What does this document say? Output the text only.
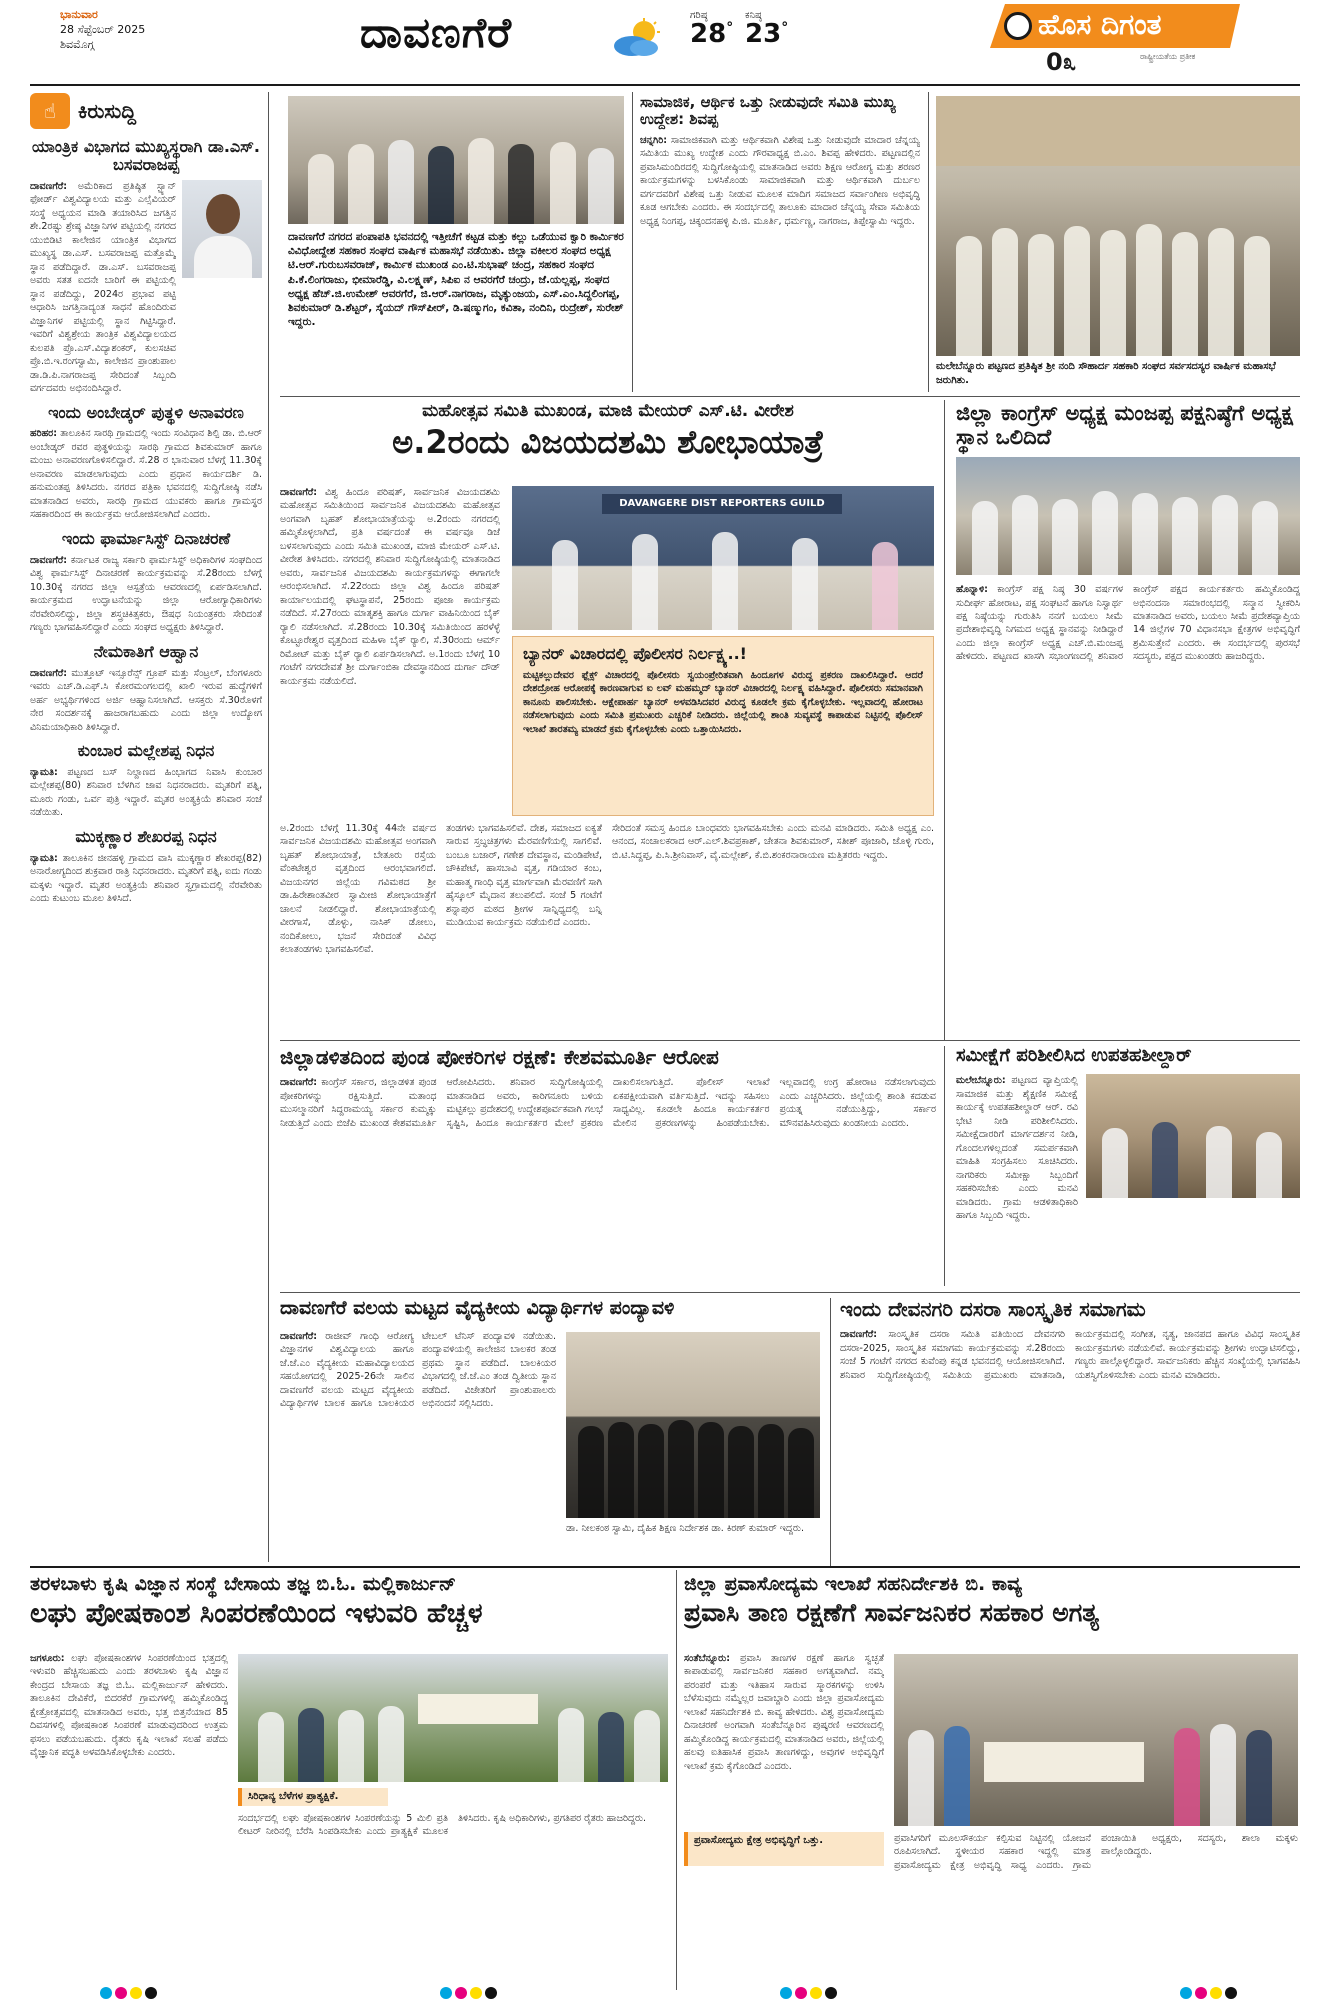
ಭಾನುವಾರ
28 ಸೆಪ್ಟೆಂಬರ್ 2025
ಶಿವಮೊಗ್ಗ	ದಾವಣಗೆರೆ	ಗರಿಷ್ಠ
28°
ಕನಿಷ್ಠ
23°	ಹೊಸ ದಿಗಂತ
ರಾಷ್ಟ್ರೀಯತೆಯ ಪ್ರತೀಕ
0೩
☝	ಕಿರುಸುದ್ದಿ
ಯಾಂತ್ರಿಕ ವಿಭಾಗದ ಮುಖ್ಯಸ್ಥರಾಗಿ ಡಾ.ಎಸ್. ಬಸವರಾಜಪ್ಪ
ದಾವಣಗೆರೆ: ಅಮೆರಿಕಾದ ಪ್ರತಿಷ್ಠಿತ ಸ್ಟ್ಯಾನ್ ಫೋರ್ಡ್ ವಿಶ್ವವಿದ್ಯಾಲಯ ಮತ್ತು ಎಲ್ಸೆವಿಯರ್ ಸಂಸ್ಥೆ ಅಧ್ಯಯನ ಮಾಡಿ ತಯಾರಿಸಿದ ಜಗತ್ತಿನ ಶೇ.2ರಷ್ಟು ಶ್ರೇಷ್ಠ ವಿಜ್ಞಾನಿಗಳ ಪಟ್ಟಿಯಲ್ಲಿ ನಗರದ ಯುಬಿಡಿಟಿ ಕಾಲೇಜಿನ ಯಾಂತ್ರಿಕ ವಿಭಾಗದ ಮುಖ್ಯಸ್ಥ ಡಾ.ಎಸ್. ಬಸವರಾಜಪ್ಪ ಮತ್ತೊಮ್ಮೆ ಸ್ಥಾನ ಪಡೆದಿದ್ದಾರೆ. ಡಾ.ಎಸ್. ಬಸವರಾಜಪ್ಪ ಅವರು ಸತತ ಐದನೇ ಬಾರಿಗೆ ಈ ಪಟ್ಟಿಯಲ್ಲಿ ಸ್ಥಾನ ಪಡೆದಿದ್ದು, 2024ರ ಪ್ರಭಾವ ಪಟ್ಟಿ ಆಧಾರಿಸಿ ಜಗತ್ತಿನಾದ್ಯಂತ ಸಾಧನೆ ಹೊಂದಿರುವ ವಿಜ್ಞಾನಿಗಳ ಪಟ್ಟಿಯಲ್ಲಿ ಸ್ಥಾನ ಗಿಟ್ಟಿಸಿದ್ದಾರೆ. ಇವರಿಗೆ ವಿಶ್ವಶ್ರೇಯ ತಾಂತ್ರಿಕ ವಿಶ್ವವಿದ್ಯಾಲಯದ ಕುಲಪತಿ ಪ್ರೊ.ಎಸ್.ವಿದ್ಯಾಶಂಕರ್, ಕುಲಸಚಿವ ಪ್ರೊ.ಬಿ.ಇ.ರಂಗಸ್ವಾಮಿ, ಕಾಲೇಜಿನ ಪ್ರಾಂಶುಪಾಲ ಡಾ.ಡಿ.ಪಿ.ನಾಗರಾಜಪ್ಪ ಸೇರಿದಂತೆ ಸಿಬ್ಬಂದಿ ವರ್ಗದವರು ಅಭಿನಂದಿಸಿದ್ದಾರೆ.
ಇಂದು ಅಂಬೇಡ್ಕರ್ ಪುತ್ಥಳಿ ಅನಾವರಣ
ಹರಿಹರ: ತಾಲೂಕಿನ ಸಾರಥಿ ಗ್ರಾಮದಲ್ಲಿ ಇಂದು ಸಂವಿಧಾನ ಶಿಲ್ಪಿ ಡಾ. ಬಿ.ಆರ್ ಅಂಬೇಡ್ಕರ್ ರವರ ಪುತ್ಥಳಿಯನ್ನು ಸಾರಥಿ ಗ್ರಾಮದ ಶಿವಕುಮಾರ್ ಹಾಗೂ ಮಂಜು ಅನಾವರಣಗೊಳಿಸಲಿದ್ದಾರೆ. ಸೆ.28 ರ ಭಾನುವಾರ ಬೆಳಗ್ಗೆ 11.30ಕ್ಕೆ ಅನಾವರಣ ಮಾಡಲಾಗುವುದು ಎಂದು ಪ್ರಧಾನ ಕಾರ್ಯದರ್ಶಿ ಡಿ. ಹನುಮಂತಪ್ಪ ತಿಳಿಸಿದರು. ನಗರದ ಪತ್ರಿಕಾ ಭವನದಲ್ಲಿ ಸುದ್ದಿಗೋಷ್ಠಿ ನಡೆಸಿ ಮಾತನಾಡಿದ ಅವರು, ಸಾರಥಿ ಗ್ರಾಮದ ಯುವಕರು ಹಾಗೂ ಗ್ರಾಮಸ್ಥರ ಸಹಕಾರದಿಂದ ಈ ಕಾರ್ಯಕ್ರಮ ಆಯೋಜಿಸಲಾಗಿದೆ ಎಂದರು.
ಇಂದು ಫಾರ್ಮಾಸಿಸ್ಟ್ ದಿನಾಚರಣೆ
ದಾವಣಗೆರೆ: ಕರ್ನಾಟಕ ರಾಜ್ಯ ಸರ್ಕಾರಿ ಫಾರ್ಮಸಿಸ್ಟ್ ಅಧಿಕಾರಿಗಳ ಸಂಘದಿಂದ ವಿಶ್ವ ಫಾರ್ಮಸಿಸ್ಟ್ ದಿನಾಚರಣೆ ಕಾರ್ಯಕ್ರಮವನ್ನು ಸೆ.28ರಂದು ಬೆಳಗ್ಗೆ 10.30ಕ್ಕೆ ನಗರದ ಜಿಲ್ಲಾ ಆಸ್ಪತ್ರೆಯ ಆವರಣದಲ್ಲಿ ಏರ್ಪಡಿಸಲಾಗಿದೆ. ಕಾರ್ಯಕ್ರಮದ ಉದ್ಘಾಟನೆಯನ್ನು ಜಿಲ್ಲಾ ಆರೋಗ್ಯಾಧಿಕಾರಿಗಳು ನೆರವೇರಿಸಲಿದ್ದು, ಜಿಲ್ಲಾ ಶಸ್ತ್ರಚಿಕಿತ್ಸಕರು, ಔಷಧ ನಿಯಂತ್ರಕರು ಸೇರಿದಂತೆ ಗಣ್ಯರು ಭಾಗವಹಿಸಲಿದ್ದಾರೆ ಎಂದು ಸಂಘದ ಅಧ್ಯಕ್ಷರು ತಿಳಿಸಿದ್ದಾರೆ.
ನೇಮಕಾತಿಗೆ ಆಹ್ವಾನ
ದಾವಣಗೆರೆ: ಮುತ್ತೂಟ್ ಇನ್ಸೂರೆನ್ಸ್ ಗ್ರೂಪ್ ಮತ್ತು ಸೆಂಟ್ರಲ್, ಬೆಂಗಳೂರು ಇವರು ಎಚ್.ಡಿ.ಎಫ್.ಸಿ ಕೋರಮಂಗಲದಲ್ಲಿ ಖಾಲಿ ಇರುವ ಹುದ್ದೆಗಳಿಗೆ ಅರ್ಹ ಅಭ್ಯರ್ಥಿಗಳಿಂದ ಅರ್ಜಿ ಆಹ್ವಾನಿಸಲಾಗಿದೆ. ಆಸಕ್ತರು ಸೆ.30ರೊಳಗೆ ನೇರ ಸಂದರ್ಶನಕ್ಕೆ ಹಾಜರಾಗಬಹುದು ಎಂದು ಜಿಲ್ಲಾ ಉದ್ಯೋಗ ವಿನಿಮಯಾಧಿಕಾರಿ ತಿಳಿಸಿದ್ದಾರೆ.
ಕುಂಬಾರ ಮಲ್ಲೇಶಪ್ಪ ನಿಧನ
ನ್ಯಾಮತಿ: ಪಟ್ಟಣದ ಬಸ್ ನಿಲ್ದಾಣದ ಹಿಂಭಾಗದ ನಿವಾಸಿ ಕುಂಬಾರ ಮಲ್ಲೇಶಪ್ಪ(80) ಶನಿವಾರ ಬೆಳಗಿನ ಜಾವ ನಿಧನರಾದರು. ಮೃತರಿಗೆ ಪತ್ನಿ, ಮೂರು ಗಂಡು, ಒರ್ವ ಪುತ್ರಿ ಇದ್ದಾರೆ. ಮೃತರ ಅಂತ್ಯಕ್ರಿಯೆ ಶನಿವಾರ ಸಂಜೆ ನಡೆಯಿತು.
ಮುಕ್ಕಣ್ಣಾರ ಶೇಖರಪ್ಪ ನಿಧನ
ನ್ಯಾಮತಿ: ತಾಲೂಕಿನ ಜೀನಹಳ್ಳಿ ಗ್ರಾಮದ ವಾಸಿ ಮುಕ್ಕಣ್ಣಾರ ಶೇಖರಪ್ಪ(82) ಅನಾರೋಗ್ಯದಿಂದ ಶುಕ್ರವಾರ ರಾತ್ರಿ ನಿಧನರಾದರು. ಮೃತರಿಗೆ ಪತ್ನಿ, ಐದು ಗಂಡು ಮಕ್ಕಳು ಇದ್ದಾರೆ. ಮೃತರ ಅಂತ್ಯಕ್ರಿಯೆ ಶನಿವಾರ ಸ್ವಗ್ರಾಮದಲ್ಲಿ ನೆರವೇರಿತು ಎಂದು ಕುಟುಂಬ ಮೂಲ ತಿಳಿಸಿದೆ.
ದಾವಣಗೆರೆ ನಗರದ ಪಂಪಾಪತಿ ಭವನದಲ್ಲಿ ಇತ್ತೀಚೆಗೆ ಕಟ್ಟಡ ಮತ್ತು ಕಲ್ಲು ಒಡೆಯುವ ಕ್ವಾರಿ ಕಾರ್ಮಿಕರ ವಿವಿಧೋದ್ದೇಶ ಸಹಕಾರ ಸಂಘದ ವಾರ್ಷಿಕ ಮಹಾಸಭೆ ನಡೆಯಿತು. ಜಿಲ್ಲಾ ವಕೀಲರ ಸಂಘದ ಅಧ್ಯಕ್ಷ ಟಿ.ಆರ್.ಗುರುಬಸವರಾಜ್, ಕಾರ್ಮಿಕ ಮುಖಂಡ ಎಂ.ಟಿ.ಸುಭಾಷ್ ಚಂದ್ರ, ಸಹಕಾರ ಸಂಘದ ಪಿ.ಕೆ.ಲಿಂಗರಾಜು, ಭೀಮಾರೆಡ್ಡಿ, ವಿ.ಲಕ್ಷ್ಮಣ್, ಸಿಪಿಐ ನ ಆವರಗೆರೆ ಚಂದ್ರು, ಜೆ.ಯಲ್ಲಪ್ಪ, ಸಂಘದ ಅಧ್ಯಕ್ಷ ಹೆಚ್.ಜಿ.ಉಮೇಶ್ ಆವರಗೆರೆ, ಜಿ.ಆರ್.ನಾಗರಾಜ, ಮೃತ್ಯುಂಜಯ, ಎಸ್.ಎಂ.ಸಿದ್ದಲಿಂಗಪ್ಪ, ಶಿವಕುಮಾರ್ ಡಿ.ಶೆಟ್ಟರ್, ಸೈಯದ್ ಗೌಸ್‌ಪೀರ್, ಡಿ.ಷಣ್ಮುಗಂ, ಕವಿತಾ, ನಂದಿನಿ, ರುದ್ರೇಶ್, ಸುರೇಶ್ ಇದ್ದರು.
ಸಾಮಾಜಿಕ, ಆರ್ಥಿಕ ಒತ್ತು ನೀಡುವುದೇ ಸಮಿತಿ ಮುಖ್ಯ ಉದ್ದೇಶ: ಶಿವಪ್ಪ
ಚನ್ನಗಿರಿ: ಸಾಮಾಜಿಕವಾಗಿ ಮತ್ತು ಆರ್ಥಿಕವಾಗಿ ವಿಶೇಷ ಒತ್ತು ನೀಡುವುದೇ ಮಾದಾರ ಚೆನ್ನಯ್ಯ ಸಮಿತಿಯ ಮುಖ್ಯ ಉದ್ದೇಶ ಎಂದು ಗೌರವಾಧ್ಯಕ್ಷ ಬಿ.ಎಂ. ಶಿವಪ್ಪ ಹೇಳಿದರು. ಪಟ್ಟಣದಲ್ಲಿನ ಪ್ರವಾಸಿಮಂದಿರದಲ್ಲಿ ಸುದ್ದಿಗೋಷ್ಠಿಯಲ್ಲಿ ಮಾತನಾಡಿದ ಅವರು ಶಿಕ್ಷಣ ಆರೋಗ್ಯ ಮತ್ತು ಶರಣರ ಕಾರ್ಯಕ್ರಮಗಳನ್ನು ಬಳಸಿಕೊಂಡು ಸಾಮಾಜಿಕವಾಗಿ ಮತ್ತು ಆರ್ಥಿಕವಾಗಿ ದುರ್ಬಲ ವರ್ಗದವರಿಗೆ ವಿಶೇಷ ಒತ್ತು ನೀಡುವ ಮೂಲಕ ಮಾದಿಗ ಸಮಾಜದ ಸರ್ವಾಂಗೀಣ ಅಭಿವೃದ್ಧಿ ಕೂಡ ಆಗಬೇಕು ಎಂದರು. ಈ ಸಂದರ್ಭದಲ್ಲಿ ತಾಲೂಕು ಮಾದಾರ ಚೆನ್ನಯ್ಯ ಸೇವಾ ಸಮಿತಿಯ ಅಧ್ಯಕ್ಷ ನಿಂಗಪ್ಪ, ಚಿಕ್ಕಂದನಹಳ್ಳಿ ಪಿ.ಜಿ. ಮೂರ್ತಿ, ಧರ್ಮಣ್ಣ, ನಾಗರಾಜ, ತಿಪ್ಪೇಸ್ವಾಮಿ ಇದ್ದರು.
ಮಲೇಬೆನ್ನೂರು ಪಟ್ಟಣದ ಪ್ರತಿಷ್ಠಿತ ಶ್ರೀ ನಂದಿ ಸೌಹಾರ್ದ ಸಹಕಾರಿ ಸಂಘದ ಸರ್ವಸದಸ್ಯರ ವಾರ್ಷಿಕ ಮಹಾಸಭೆ ಜರುಗಿತು.
ಮಹೋತ್ಸವ ಸಮಿತಿ ಮುಖಂಡ, ಮಾಜಿ ಮೇಯರ್ ಎಸ್.ಟಿ. ವೀರೇಶ
ಅ.2ರಂದು ವಿಜಯದಶಮಿ ಶೋಭಾಯಾತ್ರೆ
ದಾವಣಗೆರೆ: ವಿಶ್ವ ಹಿಂದೂ ಪರಿಷತ್, ಸಾರ್ವಜನಿಕ ವಿಜಯದಶಮಿ ಮಹೋತ್ಸವ ಸಮಿತಿಯಿಂದ ಸಾರ್ವಜನಿಕ ವಿಜಯದಶಮಿ ಮಹೋತ್ಸವ ಅಂಗವಾಗಿ ಬೃಹತ್ ಶೋಭಾಯಾತ್ರೆಯನ್ನು ಅ.2ರಂದು ನಗರದಲ್ಲಿ ಹಮ್ಮಿಕೊಳ್ಳಲಾಗಿದೆ, ಪ್ರತಿ ವರ್ಷದಂತೆ ಈ ವರ್ಷವೂ ಡಿಜೆ ಬಳಸಲಾಗುವುದು ಎಂದು ಸಮಿತಿ ಮುಖಂಡ, ಮಾಜಿ ಮೇಯರ್ ಎಸ್.ಟಿ. ವೀರೇಶ ತಿಳಿಸಿದರು. ನಗರದಲ್ಲಿ ಶನಿವಾರ ಸುದ್ದಿಗೋಷ್ಠಿಯಲ್ಲಿ ಮಾತನಾಡಿದ ಅವರು, ಸಾರ್ವಜನಿಕ ವಿಜಯದಶಮಿ ಕಾರ್ಯಕ್ರಮಗಳನ್ನು ಈಗಾಗಲೇ ಆರಂಭಿಸಲಾಗಿದೆ. ಸೆ.22ರಂದು ಜಿಲ್ಲಾ ವಿಶ್ವ ಹಿಂದೂ ಪರಿಷತ್ ಕಾರ್ಯಾಲಯದಲ್ಲಿ ಘಟಸ್ಥಾಪನೆ, 25ರಂದು ಪೂಜಾ ಕಾರ್ಯಕ್ರಮ ನಡೆದಿದೆ. ಸೆ.27ರಂದು ಮಾತೃಶಕ್ತಿ ಹಾಗೂ ದುರ್ಗಾ ವಾಹಿನಿಯಿಂದ ಬೈಕ್ ರ್‍ಯಾಲಿ ನಡೆಸಲಾಗಿದೆ. ಸೆ.28ರಂದು 10.30ಕ್ಕೆ ಸಮಿತಿಯಿಂದ ಹರಳೆಳ್ಳೆ ಕೊಟ್ಟೂರೇಶ್ವರ ವೃತ್ತದಿಂದ ಮಹಿಳಾ ಬೈಕ್ ರ್‍ಯಾಲಿ, ಸೆ.30ರಂದು ಆರ್ಮ್ ರಿಮೋಟ್ ಮತ್ತು ಬೈಕ್ ರ್‍ಯಾಲಿ ಏರ್ಪಡಿಸಲಾಗಿದೆ. ಅ.1ರಂದು ಬೆಳಗ್ಗೆ 10 ಗಂಟೆಗೆ ನಗರದೇವತೆ ಶ್ರೀ ದುರ್ಗಾಂಬಿಕಾ ದೇವಸ್ಥಾನದಿಂದ ದುರ್ಗಾ ದೌಡ್ ಕಾರ್ಯಕ್ರಮ ನಡೆಯಲಿದೆ.
DAVANGERE DIST REPORTERS GUILD
ಬ್ಯಾನರ್ ವಿಚಾರದಲ್ಲಿ ಪೊಲೀಸರ ನಿರ್ಲಕ್ಷ್ಯ..!
ಮಟ್ಟಿಕಲ್ಲುದೇವರ ಫ್ಲೆಕ್ಸ್ ವಿಚಾರದಲ್ಲಿ ಪೊಲೀಸರು ಸ್ವಯಂಪ್ರೇರಿತವಾಗಿ ಹಿಂದೂಗಳ ವಿರುದ್ಧ ಪ್ರಕರಣ ದಾಖಲಿಸಿದ್ದಾರೆ. ಆದರೆ ದೇಶದ್ರೋಹ ಆರೋಪಕ್ಕೆ ಕಾರಣವಾಗುವ ಐ ಲವ್ ಮಹಮ್ಮದ್ ಬ್ಯಾನರ್ ವಿಚಾರದಲ್ಲಿ ನಿರ್ಲಕ್ಷ್ಯ ವಹಿಸಿದ್ದಾರೆ. ಪೊಲೀಸರು ಸಮಾನವಾಗಿ ಕಾನೂನು ಪಾಲಿಸಬೇಕು. ಆಕ್ಷೇಪಾರ್ಹ ಬ್ಯಾನರ್ ಅಳವಡಿಸಿದವರ ವಿರುದ್ಧ ಕೂಡಲೇ ಕ್ರಮ ಕೈಗೊಳ್ಳಬೇಕು. ಇಲ್ಲವಾದಲ್ಲಿ ಹೋರಾಟ ನಡೆಸಲಾಗುವುದು ಎಂದು ಸಮಿತಿ ಪ್ರಮುಖರು ಎಚ್ಚರಿಕೆ ನೀಡಿದರು. ಜಿಲ್ಲೆಯಲ್ಲಿ ಶಾಂತಿ ಸುವ್ಯವಸ್ಥೆ ಕಾಪಾಡುವ ನಿಟ್ಟಿನಲ್ಲಿ ಪೊಲೀಸ್ ಇಲಾಖೆ ತಾರತಮ್ಯ ಮಾಡದೆ ಕ್ರಮ ಕೈಗೊಳ್ಳಬೇಕು ಎಂದು ಒತ್ತಾಯಿಸಿದರು.
ಅ.2ರಂದು ಬೆಳಗ್ಗೆ 11.30ಕ್ಕೆ 44ನೇ ವರ್ಷದ ಸಾರ್ವಜನಿಕ ವಿಜಯದಶಮಿ ಮಹೋತ್ಸವ ಅಂಗವಾಗಿ ಬೃಹತ್ ಶೋಭಾಯಾತ್ರೆ, ಬೇತೂರು ರಸ್ತೆಯ ವೆಂಕಟೇಶ್ವರ ವೃತ್ತದಿಂದ ಆರಂಭವಾಗಲಿದೆ. ವಿಜಯನಗರ ಜಿಲ್ಲೆಯ ಗವಿಮಠದ ಶ್ರೀ ಡಾ.ಹಿರೇಶಾಂತವೀರ ಸ್ವಾಮೀಜಿ ಶೋಭಾಯಾತ್ರೆಗೆ ಚಾಲನೆ ನೀಡಲಿದ್ದಾರೆ. ಶೋಭಾಯಾತ್ರೆಯಲ್ಲಿ ವೀರಗಾಸೆ, ಡೊಳ್ಳು, ನಾಸಿಕ್ ಡೋಲು, ನಂದಿಕೋಲು, ಭಜನೆ ಸೇರಿದಂತೆ ವಿವಿಧ ಕಲಾತಂಡಗಳು ಭಾಗವಹಿಸಲಿವೆ.
ತಂಡಗಳು ಭಾಗವಹಿಸಲಿವೆ. ದೇಶ, ಸಮಾಜದ ಐಕ್ಯತೆ ಸಾರುವ ಸ್ತಬ್ಧಚಿತ್ರಗಳು ಮೆರವಣಿಗೆಯಲ್ಲಿ ಸಾಗಲಿವೆ. ಬಂಬೂ ಬಜಾರ್, ಗಣೇಶ ದೇವಸ್ಥಾನ, ಮಂಡಿಪೇಟೆ, ಚೌಕಿಪೇಟೆ, ಹಾಸಬಾವಿ ವೃತ್ತ, ಗಡಿಯಾರ ಕಂಬ, ಮಹಾತ್ಮ ಗಾಂಧಿ ವೃತ್ತ ಮಾರ್ಗವಾಗಿ ಮೆರವಣಿಗೆ ಸಾಗಿ ಹೈಸ್ಕೂಲ್ ಮೈದಾನ ತಲುಪಲಿದೆ. ಸಂಜೆ 5 ಗಂಟೆಗೆ ಶನ್ನಾಪುರ ಮಠದ ಶ್ರೀಗಳ ಸಾನ್ನಿಧ್ಯದಲ್ಲಿ ಬನ್ನಿ ಮುಡಿಯುವ ಕಾರ್ಯಕ್ರಮ ನಡೆಯಲಿದೆ ಎಂದರು.
ಸೇರಿದಂತೆ ಸಮಸ್ತ ಹಿಂದೂ ಬಾಂಧವರು ಭಾಗವಹಿಸಬೇಕು ಎಂದು ಮನವಿ ಮಾಡಿದರು. ಸಮಿತಿ ಅಧ್ಯಕ್ಷ ಎಂ. ಆನಂದ, ಸಂಚಾಲಕರಾದ ಆರ್.ಎಲ್.ಶಿವಪ್ರಕಾಶ್, ಚೇತನಾ ಶಿವಕುಮಾರ್, ಸತೀಶ್ ಪೂಜಾರಿ, ಜೊಳ್ಳಿ ಗುರು, ಬಿ.ಟಿ.ಸಿದ್ದಪ್ಪ, ಪಿ.ಸಿ.ಶ್ರೀನಿವಾಸ್, ವೈ.ಮಲ್ಲೇಶ್, ಕೆ.ಬಿ.ಶಂಕರನಾರಾಯಣ ಮತ್ತಿತರರು ಇದ್ದರು.
ಜಿಲ್ಲಾ ಕಾಂಗ್ರೆಸ್ ಅಧ್ಯಕ್ಷ ಮಂಜಪ್ಪ ಪಕ್ಷನಿಷ್ಠೆಗೆ ಅಧ್ಯಕ್ಷ ಸ್ಥಾನ ಒಲಿದಿದೆ
ಹೊನ್ನಾಳಿ: ಕಾಂಗ್ರೆಸ್ ಪಕ್ಷ ನಿಷ್ಠ 30 ವರ್ಷಗಳ ಸುದೀರ್ಘ ಹೋರಾಟ, ಪಕ್ಷ ಸಂಘಟನೆ ಹಾಗೂ ನಿಸ್ವಾರ್ಥ ಪಕ್ಷ ನಿಷ್ಠೆಯನ್ನು ಗುರುತಿಸಿ ನನಗೆ ಬಯಲು ಸೀಮೆ ಪ್ರದೇಶಾಭಿವೃದ್ಧಿ ನಿಗಮದ ಅಧ್ಯಕ್ಷ ಸ್ಥಾನವನ್ನು ನೀಡಿದ್ದಾರೆ ಎಂದು ಜಿಲ್ಲಾ ಕಾಂಗ್ರೆಸ್ ಅಧ್ಯಕ್ಷ ಎಚ್.ಬಿ.ಮಂಜಪ್ಪ ಹೇಳಿದರು. ಪಟ್ಟಣದ ಖಾಸಗಿ ಸಭಾಂಗಣದಲ್ಲಿ ಶನಿವಾರ ಕಾಂಗ್ರೆಸ್ ಪಕ್ಷದ ಕಾರ್ಯಕರ್ತರು ಹಮ್ಮಿಕೊಂಡಿದ್ದ ಅಭಿನಂದನಾ ಸಮಾರಂಭದಲ್ಲಿ ಸನ್ಮಾನ ಸ್ವೀಕರಿಸಿ ಮಾತನಾಡಿದ ಅವರು, ಬಯಲು ಸೀಮೆ ಪ್ರದೇಶವ್ಯಾಪ್ತಿಯ 14 ಜಿಲ್ಲೆಗಳ 70 ವಿಧಾನಸಭಾ ಕ್ಷೇತ್ರಗಳ ಅಭಿವೃದ್ಧಿಗೆ ಶ್ರಮಿಸುತ್ತೇನೆ ಎಂದರು. ಈ ಸಂದರ್ಭದಲ್ಲಿ ಪುರಸಭೆ ಸದಸ್ಯರು, ಪಕ್ಷದ ಮುಖಂಡರು ಹಾಜರಿದ್ದರು.
ಜಿಲ್ಲಾಡಳಿತದಿಂದ ಪುಂಡ ಪೋಕರಿಗಳ ರಕ್ಷಣೆ: ಕೇಶವಮೂರ್ತಿ ಆರೋಪ
ದಾವಣಗೆರೆ: ಕಾಂಗ್ರೆಸ್ ಸರ್ಕಾರ, ಜಿಲ್ಲಾಡಳಿತ ಪುಂಡ ಪೋಕರಿಗಳನ್ನು ರಕ್ಷಿಸುತ್ತಿದೆ. ಮತಾಂಧ ಮುಸಲ್ಮಾನರಿಗೆ ಸಿದ್ದರಾಮಯ್ಯ ಸರ್ಕಾರ ಕುಮ್ಮಕ್ಕು ನೀಡುತ್ತಿದೆ ಎಂದು ಬಿಜೆಪಿ ಮುಖಂಡ ಕೇಶವಮೂರ್ತಿ ಆರೋಪಿಸಿದರು. ಶನಿವಾರ ಸುದ್ದಿಗೋಷ್ಠಿಯಲ್ಲಿ ಮಾತನಾಡಿದ ಅವರು, ಕಾರಿಗನೂರು ಬಳಿಯ ಮಟ್ಟಿಕಲ್ಲು ಪ್ರದೇಶದಲ್ಲಿ ಉದ್ದೇಶಪೂರ್ವಕವಾಗಿ ಗಲಭೆ ಸೃಷ್ಟಿಸಿ, ಹಿಂದೂ ಕಾರ್ಯಕರ್ತರ ಮೇಲೆ ಪ್ರಕರಣ ದಾಖಲಿಸಲಾಗುತ್ತಿದೆ. ಪೊಲೀಸ್ ಇಲಾಖೆ ಏಕಪಕ್ಷೀಯವಾಗಿ ವರ್ತಿಸುತ್ತಿದೆ. ಇದನ್ನು ಸಹಿಸಲು ಸಾಧ್ಯವಿಲ್ಲ. ಕೂಡಲೇ ಹಿಂದೂ ಕಾರ್ಯಕರ್ತರ ಮೇಲಿನ ಪ್ರಕರಣಗಳನ್ನು ಹಿಂಪಡೆಯಬೇಕು. ಇಲ್ಲವಾದಲ್ಲಿ ಉಗ್ರ ಹೋರಾಟ ನಡೆಸಲಾಗುವುದು ಎಂದು ಎಚ್ಚರಿಸಿದರು. ಜಿಲ್ಲೆಯಲ್ಲಿ ಶಾಂತಿ ಕದಡುವ ಪ್ರಯತ್ನ ನಡೆಯುತ್ತಿದ್ದು, ಸರ್ಕಾರ ಮೌನವಹಿಸಿರುವುದು ಖಂಡನೀಯ ಎಂದರು.
ಸಮೀಕ್ಷೆಗೆ ಪರಿಶೀಲಿಸಿದ ಉಪತಹಶೀಲ್ದಾರ್
ಮಲೇಬೆನ್ನೂರು: ಪಟ್ಟಣದ ವ್ಯಾಪ್ತಿಯಲ್ಲಿ ಸಾಮಾಜಿಕ ಮತ್ತು ಶೈಕ್ಷಣಿಕ ಸಮೀಕ್ಷೆ ಕಾರ್ಯಕ್ಕೆ ಉಪತಹಶೀಲ್ದಾರ್ ಆರ್. ರವಿ ಭೇಟಿ ನೀಡಿ ಪರಿಶೀಲಿಸಿದರು. ಸಮೀಕ್ಷೆದಾರರಿಗೆ ಮಾರ್ಗದರ್ಶನ ನೀಡಿ, ಗೊಂದಲಗಳಿಲ್ಲದಂತೆ ಸಮರ್ಪಕವಾಗಿ ಮಾಹಿತಿ ಸಂಗ್ರಹಿಸಲು ಸೂಚಿಸಿದರು. ನಾಗರಿಕರು ಸಮೀಕ್ಷಾ ಸಿಬ್ಬಂದಿಗೆ ಸಹಕರಿಸಬೇಕು ಎಂದು ಮನವಿ ಮಾಡಿದರು. ಗ್ರಾಮ ಆಡಳಿತಾಧಿಕಾರಿ ಹಾಗೂ ಸಿಬ್ಬಂದಿ ಇದ್ದರು.
ದಾವಣಗೆರೆ ವಲಯ ಮಟ್ಟದ ವೈದ್ಯಕೀಯ ವಿದ್ಯಾರ್ಥಿಗಳ ಪಂದ್ಯಾವಳಿ
ದಾವಣಗೆರೆ: ರಾಜೀವ್ ಗಾಂಧಿ ಆರೋಗ್ಯ ವಿಜ್ಞಾನಗಳ ವಿಶ್ವವಿದ್ಯಾಲಯ ಹಾಗೂ ಜೆ.ಜೆ.ಎಂ ವೈದ್ಯಕೀಯ ಮಹಾವಿದ್ಯಾಲಯದ ಸಹಯೋಗದಲ್ಲಿ 2025-26ನೇ ಸಾಲಿನ ದಾವಣಗೆರೆ ವಲಯ ಮಟ್ಟದ ವೈದ್ಯಕೀಯ ವಿದ್ಯಾರ್ಥಿಗಳ ಬಾಲಕ ಹಾಗೂ ಬಾಲಕಿಯರ ಟೇಬಲ್ ಟೆನಿಸ್ ಪಂದ್ಯಾವಳಿ ನಡೆಯಿತು. ಪಂದ್ಯಾವಳಿಯಲ್ಲಿ ಕಾಲೇಜಿನ ಬಾಲಕರ ತಂಡ ಪ್ರಥಮ ಸ್ಥಾನ ಪಡೆದಿದೆ. ಬಾಲಕಿಯರ ವಿಭಾಗದಲ್ಲಿ ಜೆ.ಜೆ.ಎಂ ತಂಡ ದ್ವಿತೀಯ ಸ್ಥಾನ ಪಡೆದಿದೆ. ವಿಜೇತರಿಗೆ ಪ್ರಾಂಶುಪಾಲರು ಅಭಿನಂದನೆ ಸಲ್ಲಿಸಿದರು.
ಡಾ. ನೀಲಕಂಠ ಸ್ವಾಮಿ, ದೈಹಿಕ ಶಿಕ್ಷಣ ನಿರ್ದೇಶಕ ಡಾ. ಕಿರಣ್ ಕುಮಾರ್ ಇದ್ದರು.
ಇಂದು ದೇವನಗರಿ ದಸರಾ ಸಾಂಸ್ಕೃತಿಕ ಸಮಾಗಮ
ದಾವಣಗೆರೆ: ಸಾಂಸ್ಕೃತಿಕ ದಸರಾ ಸಮಿತಿ ವತಿಯಿಂದ ದೇವನಗರಿ ದಸರಾ-2025, ಸಾಂಸ್ಕೃತಿಕ ಸಮಾಗಮ ಕಾರ್ಯಕ್ರಮವನ್ನು ಸೆ.28ರಂದು ಸಂಜೆ 5 ಗಂಟೆಗೆ ನಗರದ ಕುವೆಂಪು ಕನ್ನಡ ಭವನದಲ್ಲಿ ಆಯೋಜಿಸಲಾಗಿದೆ. ಶನಿವಾರ ಸುದ್ದಿಗೋಷ್ಠಿಯಲ್ಲಿ ಸಮಿತಿಯ ಪ್ರಮುಖರು ಮಾತನಾಡಿ, ಕಾರ್ಯಕ್ರಮದಲ್ಲಿ ಸಂಗೀತ, ನೃತ್ಯ, ಜಾನಪದ ಹಾಗೂ ವಿವಿಧ ಸಾಂಸ್ಕೃತಿಕ ಕಾರ್ಯಕ್ರಮಗಳು ನಡೆಯಲಿವೆ. ಕಾರ್ಯಕ್ರಮವನ್ನು ಶ್ರೀಗಳು ಉದ್ಘಾಟಿಸಲಿದ್ದು, ಗಣ್ಯರು ಪಾಲ್ಗೊಳ್ಳಲಿದ್ದಾರೆ. ಸಾರ್ವಜನಿಕರು ಹೆಚ್ಚಿನ ಸಂಖ್ಯೆಯಲ್ಲಿ ಭಾಗವಹಿಸಿ ಯಶಸ್ವಿಗೊಳಿಸಬೇಕು ಎಂದು ಮನವಿ ಮಾಡಿದರು.
ತರಳಬಾಳು ಕೃಷಿ ವಿಜ್ಞಾನ ಸಂಸ್ಥೆ ಬೇಸಾಯ ತಜ್ಞ ಬಿ.ಓ. ಮಲ್ಲಿಕಾರ್ಜುನ್
ಲಘು ಪೋಷಕಾಂಶ ಸಿಂಪರಣೆಯಿಂದ ಇಳುವರಿ ಹೆಚ್ಚಳ
ಜಗಳೂರು: ಲಘು ಪೋಷಕಾಂಶಗಳ ಸಿಂಪರಣೆಯಿಂದ ಭತ್ತದಲ್ಲಿ ಇಳುವರಿ ಹೆಚ್ಚಿಸಬಹುದು ಎಂದು ತರಳಬಾಳು ಕೃಷಿ ವಿಜ್ಞಾನ ಕೇಂದ್ರದ ಬೇಸಾಯ ತಜ್ಞ ಬಿ.ಓ. ಮಲ್ಲಿಕಾರ್ಜುನ್ ಹೇಳಿದರು. ತಾಲೂಕಿನ ದೇವಿಕೆರೆ, ಬಿದರಕೆರೆ ಗ್ರಾಮಗಳಲ್ಲಿ ಹಮ್ಮಿಕೊಂಡಿದ್ದ ಕ್ಷೇತ್ರೋತ್ಸವದಲ್ಲಿ ಮಾತನಾಡಿದ ಅವರು, ಭತ್ತ ಬಿತ್ತನೆಯಾದ 85 ದಿವಸಗಳಲ್ಲಿ ಪೋಷಕಾಂಶ ಸಿಂಪರಣೆ ಮಾಡುವುದರಿಂದ ಉತ್ತಮ ಫಸಲು ಪಡೆಯಬಹುದು. ರೈತರು ಕೃಷಿ ಇಲಾಖೆ ಸಲಹೆ ಪಡೆದು ವೈಜ್ಞಾನಿಕ ಪದ್ಧತಿ ಅಳವಡಿಸಿಕೊಳ್ಳಬೇಕು ಎಂದರು.
ಸಿರಿಧಾನ್ಯ ಬೆಳೆಗಳ ಪ್ರಾತ್ಯಕ್ಷಿಕೆ.
ಸಂದರ್ಭದಲ್ಲಿ ಲಘು ಪೋಷಕಾಂಶಗಳ ಸಿಂಪರಣೆಯನ್ನು 5 ಮಿಲಿ ಪ್ರತಿ ಲೀಟರ್ ನೀರಿನಲ್ಲಿ ಬೆರೆಸಿ ಸಿಂಪಡಿಸಬೇಕು ಎಂದು ಪ್ರಾತ್ಯಕ್ಷಿಕೆ ಮೂಲಕ ತಿಳಿಸಿದರು. ಕೃಷಿ ಅಧಿಕಾರಿಗಳು, ಪ್ರಗತಿಪರ ರೈತರು ಹಾಜರಿದ್ದರು.
ಜಿಲ್ಲಾ ಪ್ರವಾಸೋದ್ಯಮ ಇಲಾಖೆ ಸಹನಿರ್ದೇಶಕಿ ಬಿ. ಕಾವ್ಯ
ಪ್ರವಾಸಿ ತಾಣ ರಕ್ಷಣೆಗೆ ಸಾರ್ವಜನಿಕರ ಸಹಕಾರ ಅಗತ್ಯ
ಸಂತೆಬೆನ್ನೂರು: ಪ್ರವಾಸಿ ತಾಣಗಳ ರಕ್ಷಣೆ ಹಾಗೂ ಸ್ವಚ್ಛತೆ ಕಾಪಾಡುವಲ್ಲಿ ಸಾರ್ವಜನಿಕರ ಸಹಕಾರ ಅಗತ್ಯವಾಗಿದೆ. ನಮ್ಮ ಪರಂಪರೆ ಮತ್ತು ಇತಿಹಾಸ ಸಾರುವ ಸ್ಮಾರಕಗಳನ್ನು ಉಳಿಸಿ ಬೆಳೆಸುವುದು ನಮ್ಮೆಲ್ಲರ ಜವಾಬ್ದಾರಿ ಎಂದು ಜಿಲ್ಲಾ ಪ್ರವಾಸೋದ್ಯಮ ಇಲಾಖೆ ಸಹನಿರ್ದೇಶಕಿ ಬಿ. ಕಾವ್ಯ ಹೇಳಿದರು. ವಿಶ್ವ ಪ್ರವಾಸೋದ್ಯಮ ದಿನಾಚರಣೆ ಅಂಗವಾಗಿ ಸಂತೆಬೆನ್ನೂರಿನ ಪುಷ್ಕರಣಿ ಆವರಣದಲ್ಲಿ ಹಮ್ಮಿಕೊಂಡಿದ್ದ ಕಾರ್ಯಕ್ರಮದಲ್ಲಿ ಮಾತನಾಡಿದ ಅವರು, ಜಿಲ್ಲೆಯಲ್ಲಿ ಹಲವು ಐತಿಹಾಸಿಕ ಪ್ರವಾಸಿ ತಾಣಗಳಿದ್ದು, ಅವುಗಳ ಅಭಿವೃದ್ಧಿಗೆ ಇಲಾಖೆ ಕ್ರಮ ಕೈಗೊಂಡಿದೆ ಎಂದರು.
ಪ್ರವಾಸೋದ್ಯಮ ಕ್ಷೇತ್ರ ಅಭಿವೃದ್ಧಿಗೆ ಒತ್ತು.	ಪ್ರವಾಸಿಗರಿಗೆ ಮೂಲಸೌಕರ್ಯ ಕಲ್ಪಿಸುವ ನಿಟ್ಟಿನಲ್ಲಿ ಯೋಜನೆ ರೂಪಿಸಲಾಗಿದೆ. ಸ್ಥಳೀಯರ ಸಹಕಾರ ಇದ್ದಲ್ಲಿ ಮಾತ್ರ ಪ್ರವಾಸೋದ್ಯಮ ಕ್ಷೇತ್ರ ಅಭಿವೃದ್ಧಿ ಸಾಧ್ಯ ಎಂದರು. ಗ್ರಾಮ ಪಂಚಾಯಿತಿ ಅಧ್ಯಕ್ಷರು, ಸದಸ್ಯರು, ಶಾಲಾ ಮಕ್ಕಳು ಪಾಲ್ಗೊಂಡಿದ್ದರು.
